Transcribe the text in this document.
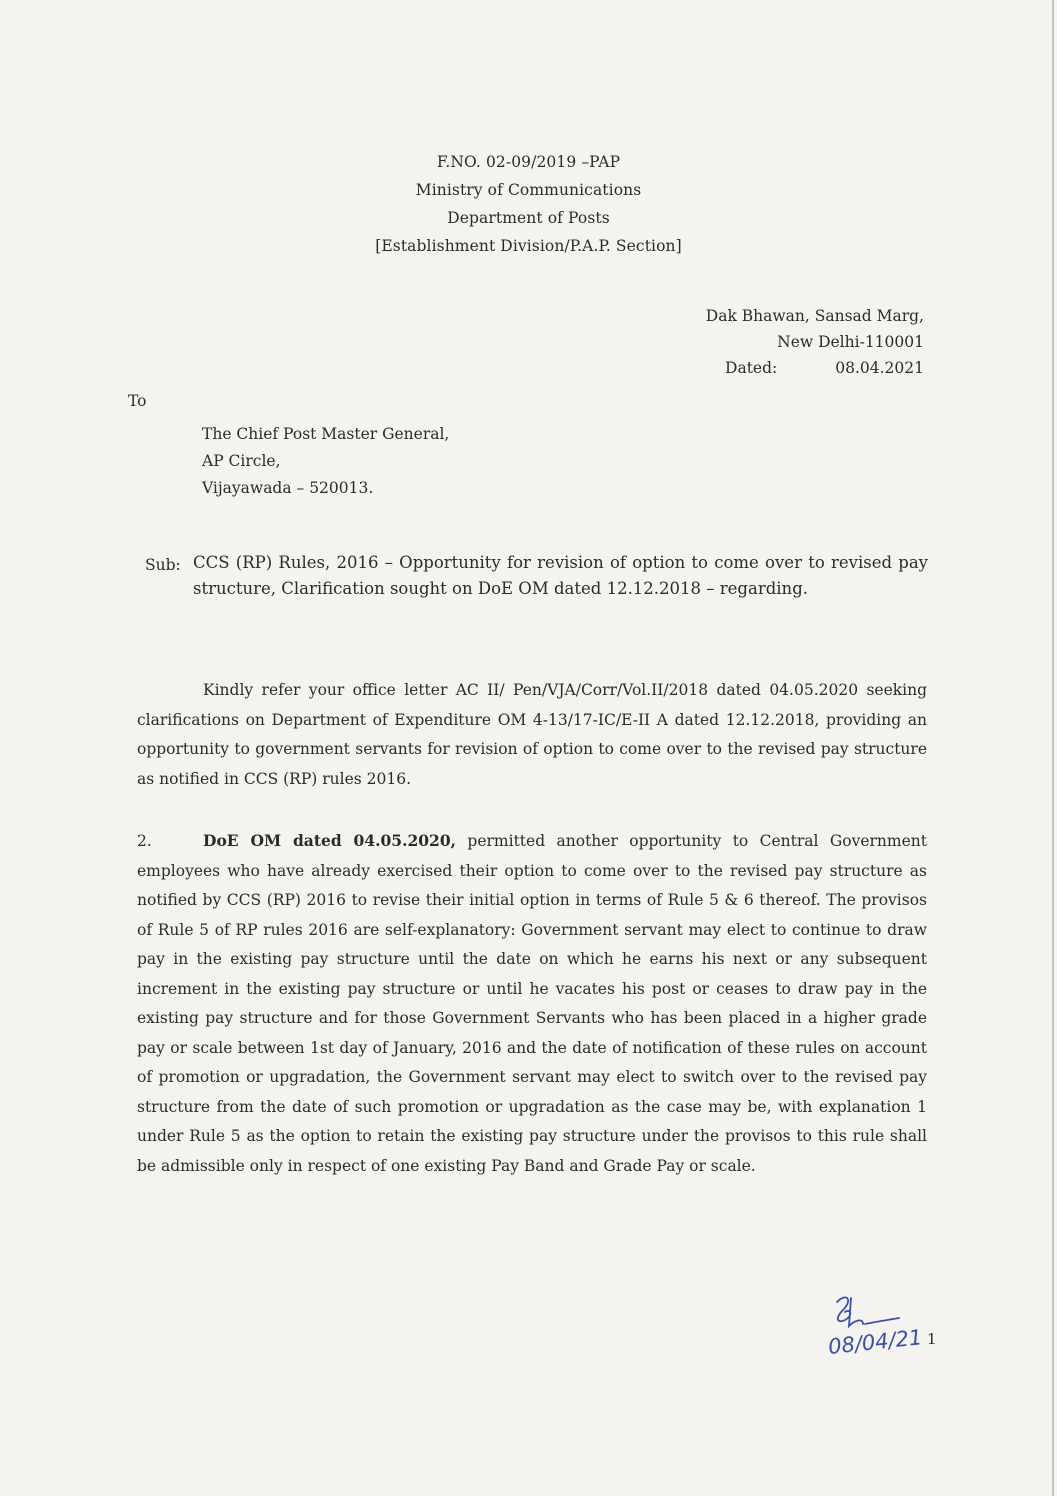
F.NO. 02-09/2019 –PAP
Ministry of Communications
Department of Posts
[Establishment Division/P.A.P. Section]
Dak Bhawan, Sansad Marg,
New Delhi-110001
Dated:	08.04.2021
To
The Chief Post Master General,
AP Circle,
Vijayawada – 520013.
Sub: CCS (RP) Rules, 2016 – Opportunity for revision of option to come over to revised pay structure, Clarification sought on DoE OM dated 12.12.2018 – regarding.
Kindly refer your office letter AC II/ Pen/VJA/Corr/Vol.II/2018 dated 04.05.2020 seeking clarifications on Department of Expenditure OM 4-13/17-IC/E-II A dated 12.12.2018, providing an opportunity to government servants for revision of option to come over to the revised pay structure as notified in CCS (RP) rules 2016.
2.	DoE OM dated 04.05.2020, permitted another opportunity to Central Government employees who have already exercised their option to come over to the revised pay structure as notified by CCS (RP) 2016 to revise their initial option in terms of Rule 5 & 6 thereof. The provisos of Rule 5 of RP rules 2016 are self-explanatory: Government servant may elect to continue to draw pay in the existing pay structure until the date on which he earns his next or any subsequent increment in the existing pay structure or until he vacates his post or ceases to draw pay in the existing pay structure and for those Government Servants who has been placed in a higher grade pay or scale between 1st day of January, 2016 and the date of notification of these rules on account of promotion or upgradation, the Government servant may elect to switch over to the revised pay structure from the date of such promotion or upgradation as the case may be, with explanation 1 under Rule 5 as the option to retain the existing pay structure under the provisos to this rule shall be admissible only in respect of one existing Pay Band and Grade Pay or scale.
08/04/21 1
